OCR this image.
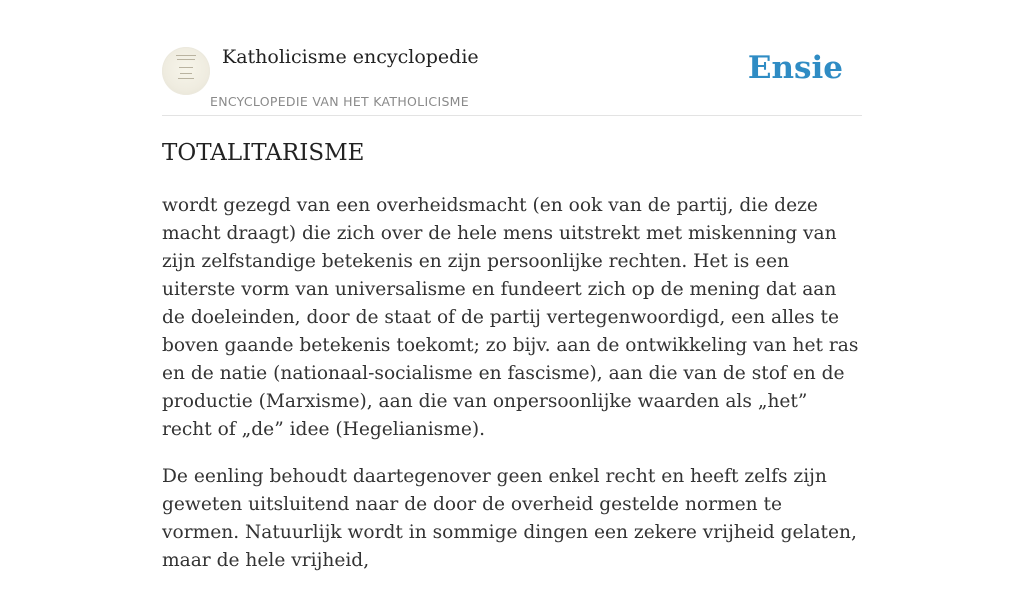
Katholicisme encyclopedie
ENCYCLOPEDIE VAN HET KATHOLICISME
Ensie
TOTALITARISME

wordt gezegd van een overheidsmacht (en ook van de partij, die deze macht draagt) die zich over de hele mens uitstrekt met miskenning van zijn zelfstandige betekenis en zijn persoonlijke rechten. Het is een uiterste vorm van universalisme en fundeert zich op de mening dat aan de doeleinden, door de staat of de partij vertegenwoordigd, een alles te boven gaande betekenis toekomt; zo bijv. aan de ontwikkeling van het ras en de natie (nationaal-socialisme en fascisme), aan die van de stof en de productie (Marxisme), aan die van onpersoonlijke waarden als „het” recht of „de” idee (Hegelianisme).

De eenling behoudt daartegenover geen enkel recht en heeft zelfs zijn geweten uitsluitend naar de door de overheid gestelde normen te vormen. Natuurlijk wordt in sommige dingen een zekere vrijheid gelaten, maar de hele vrijheid,
